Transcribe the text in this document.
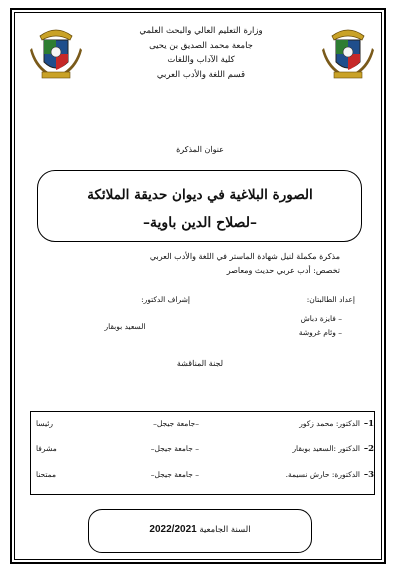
وزارة التعليم العالي والبحث العلمي
جامعة محمد الصديق بن يحيى
كلية الآداب واللغات
قسم اللغة والأدب العربي
عنوان المذكرة
الصورة البلاغية في ديوان حديقة الملائكة
–لصلاح الدين باوية–
مذكرة مكملة لنيل شهادة الماستر في اللغة والأدب العربي
تخصص: أدب عربي حديث ومعاصر
إعداد الطالبتان:
– فايزة دباش
– وئام غروشة
إشراف الدكتور:
السعيد بوبقار
لجنة المناقشة
1–
الدكتور: محمد زكور
–جامعة جيجل–
رئيسا
2–
الدكتور :السعيد بوبقار
– جامعة جيجل–
مشرفا
3–
الدكتورة: حارش نسيمة.
– جامعة جيجل–
ممتحنا
السنة الجامعية 2022/2021
